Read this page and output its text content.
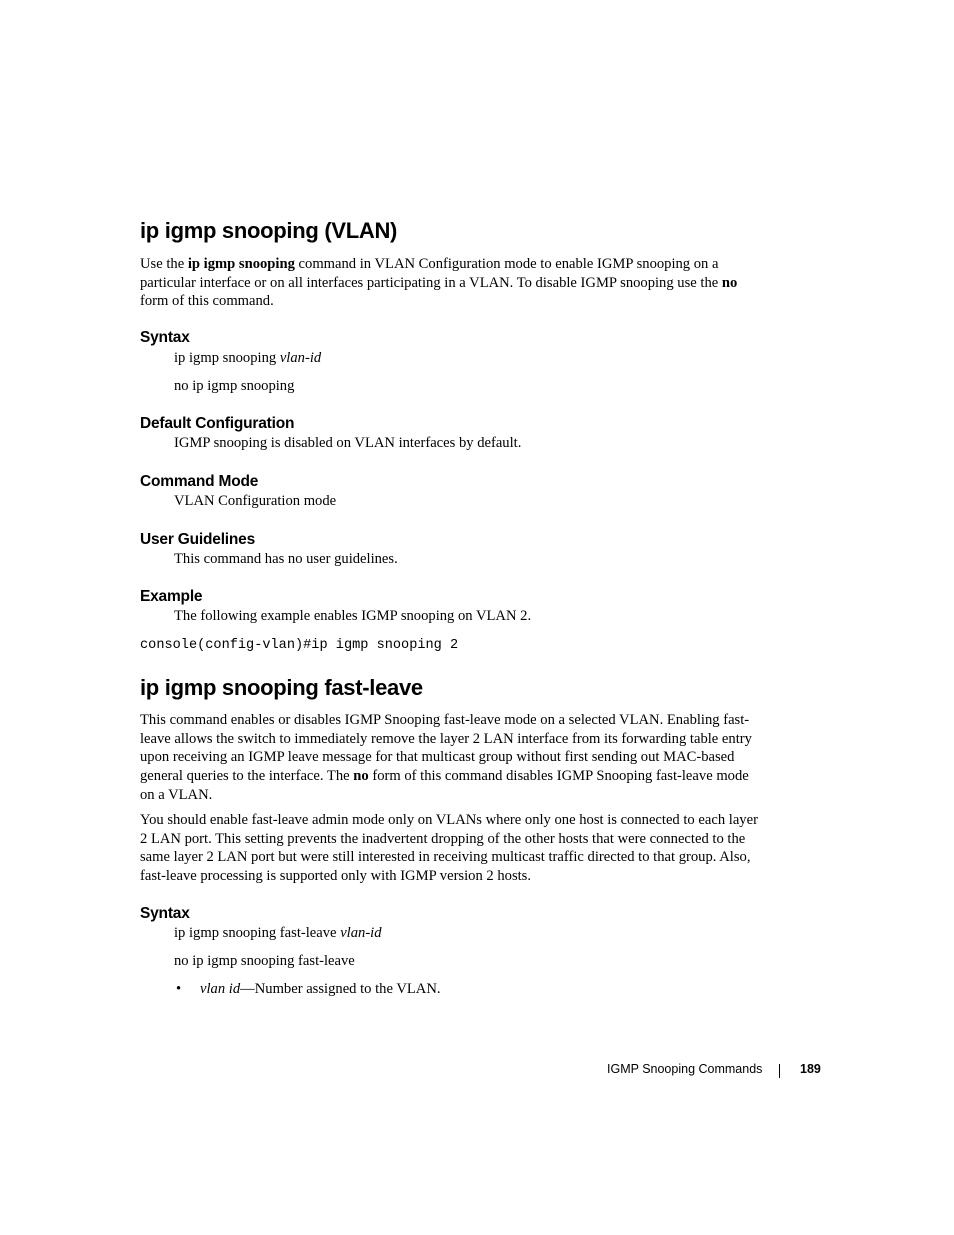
ip igmp snooping (VLAN)
Use the ip igmp snooping command in VLAN Configuration mode to enable IGMP snooping on a particular interface or on all interfaces participating in a VLAN. To disable IGMP snooping use the no form of this command.
Syntax
ip igmp snooping vlan-id
no ip igmp snooping
Default Configuration
IGMP snooping is disabled on VLAN interfaces by default.
Command Mode
VLAN Configuration mode
User Guidelines
This command has no user guidelines.
Example
The following example enables IGMP snooping on VLAN 2.
console(config-vlan)#ip igmp snooping 2
ip igmp snooping fast-leave
This command enables or disables IGMP Snooping fast-leave mode on a selected VLAN. Enabling fast-leave allows the switch to immediately remove the layer 2 LAN interface from its forwarding table entry upon receiving an IGMP leave message for that multicast group without first sending out MAC-based general queries to the interface. The no form of this command disables IGMP Snooping fast-leave mode on a VLAN.
You should enable fast-leave admin mode only on VLANs where only one host is connected to each layer 2 LAN port. This setting prevents the inadvertent dropping of the other hosts that were connected to the same layer 2 LAN port but were still interested in receiving multicast traffic directed to that group. Also, fast-leave processing is supported only with IGMP version 2 hosts.
Syntax
ip igmp snooping fast-leave vlan-id
no ip igmp snooping fast-leave
• vlan id—Number assigned to the VLAN.
IGMP Snooping Commands	189
